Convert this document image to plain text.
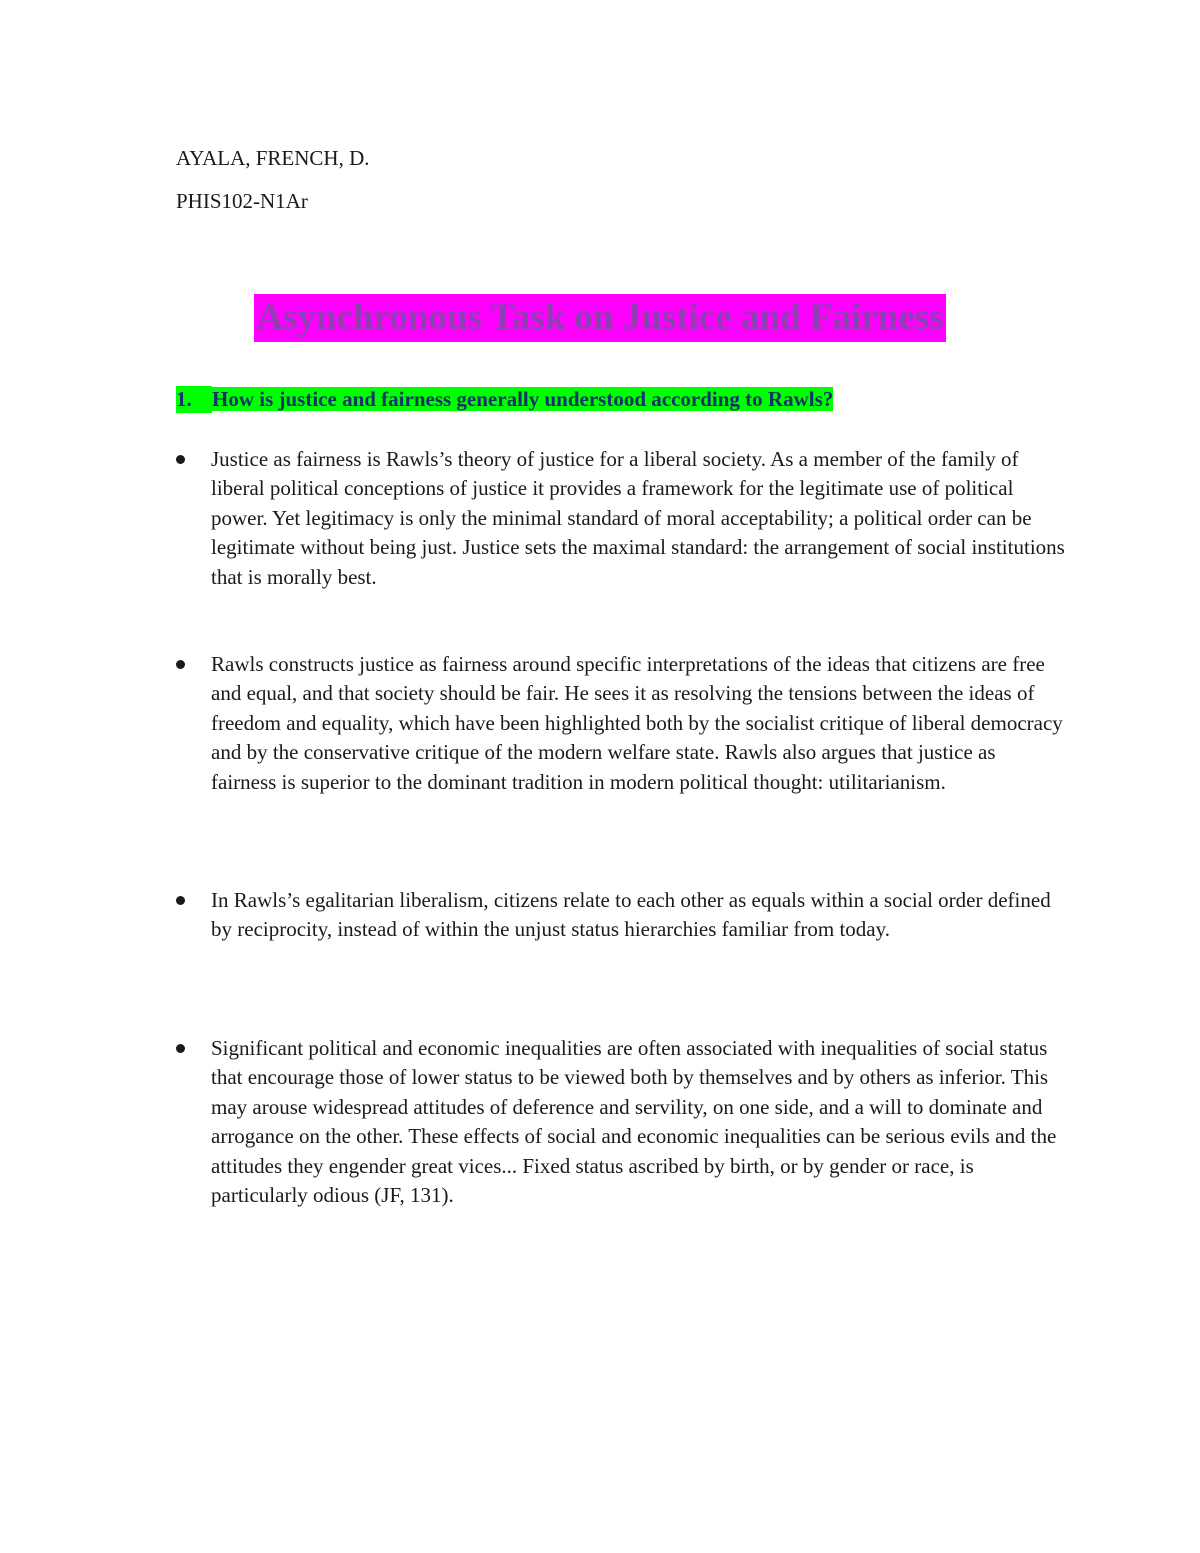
AYALA, FRENCH, D.

PHIS102-N1Ar

Asynchronous Task on Justice and Fairness

1. How is justice and fairness generally understood according to Rawls?

Justice as fairness is Rawls’s theory of justice for a liberal society. As a member of the family of liberal political conceptions of justice it provides a framework for the legitimate use of political power. Yet legitimacy is only the minimal standard of moral acceptability; a political order can be legitimate without being just. Justice sets the maximal standard: the arrangement of social institutions that is morally best.

Rawls constructs justice as fairness around specific interpretations of the ideas that citizens are free and equal, and that society should be fair. He sees it as resolving the tensions between the ideas of freedom and equality, which have been highlighted both by the socialist critique of liberal democracy and by the conservative critique of the modern welfare state. Rawls also argues that justice as fairness is superior to the dominant tradition in modern political thought: utilitarianism.

In Rawls’s egalitarian liberalism, citizens relate to each other as equals within a social order defined by reciprocity, instead of within the unjust status hierarchies familiar from today.

Significant political and economic inequalities are often associated with inequalities of social status that encourage those of lower status to be viewed both by themselves and by others as inferior. This may arouse widespread attitudes of deference and servility, on one side, and a will to dominate and arrogance on the other. These effects of social and economic inequalities can be serious evils and the attitudes they engender great vices... Fixed status ascribed by birth, or by gender or race, is particularly odious (JF, 131).
